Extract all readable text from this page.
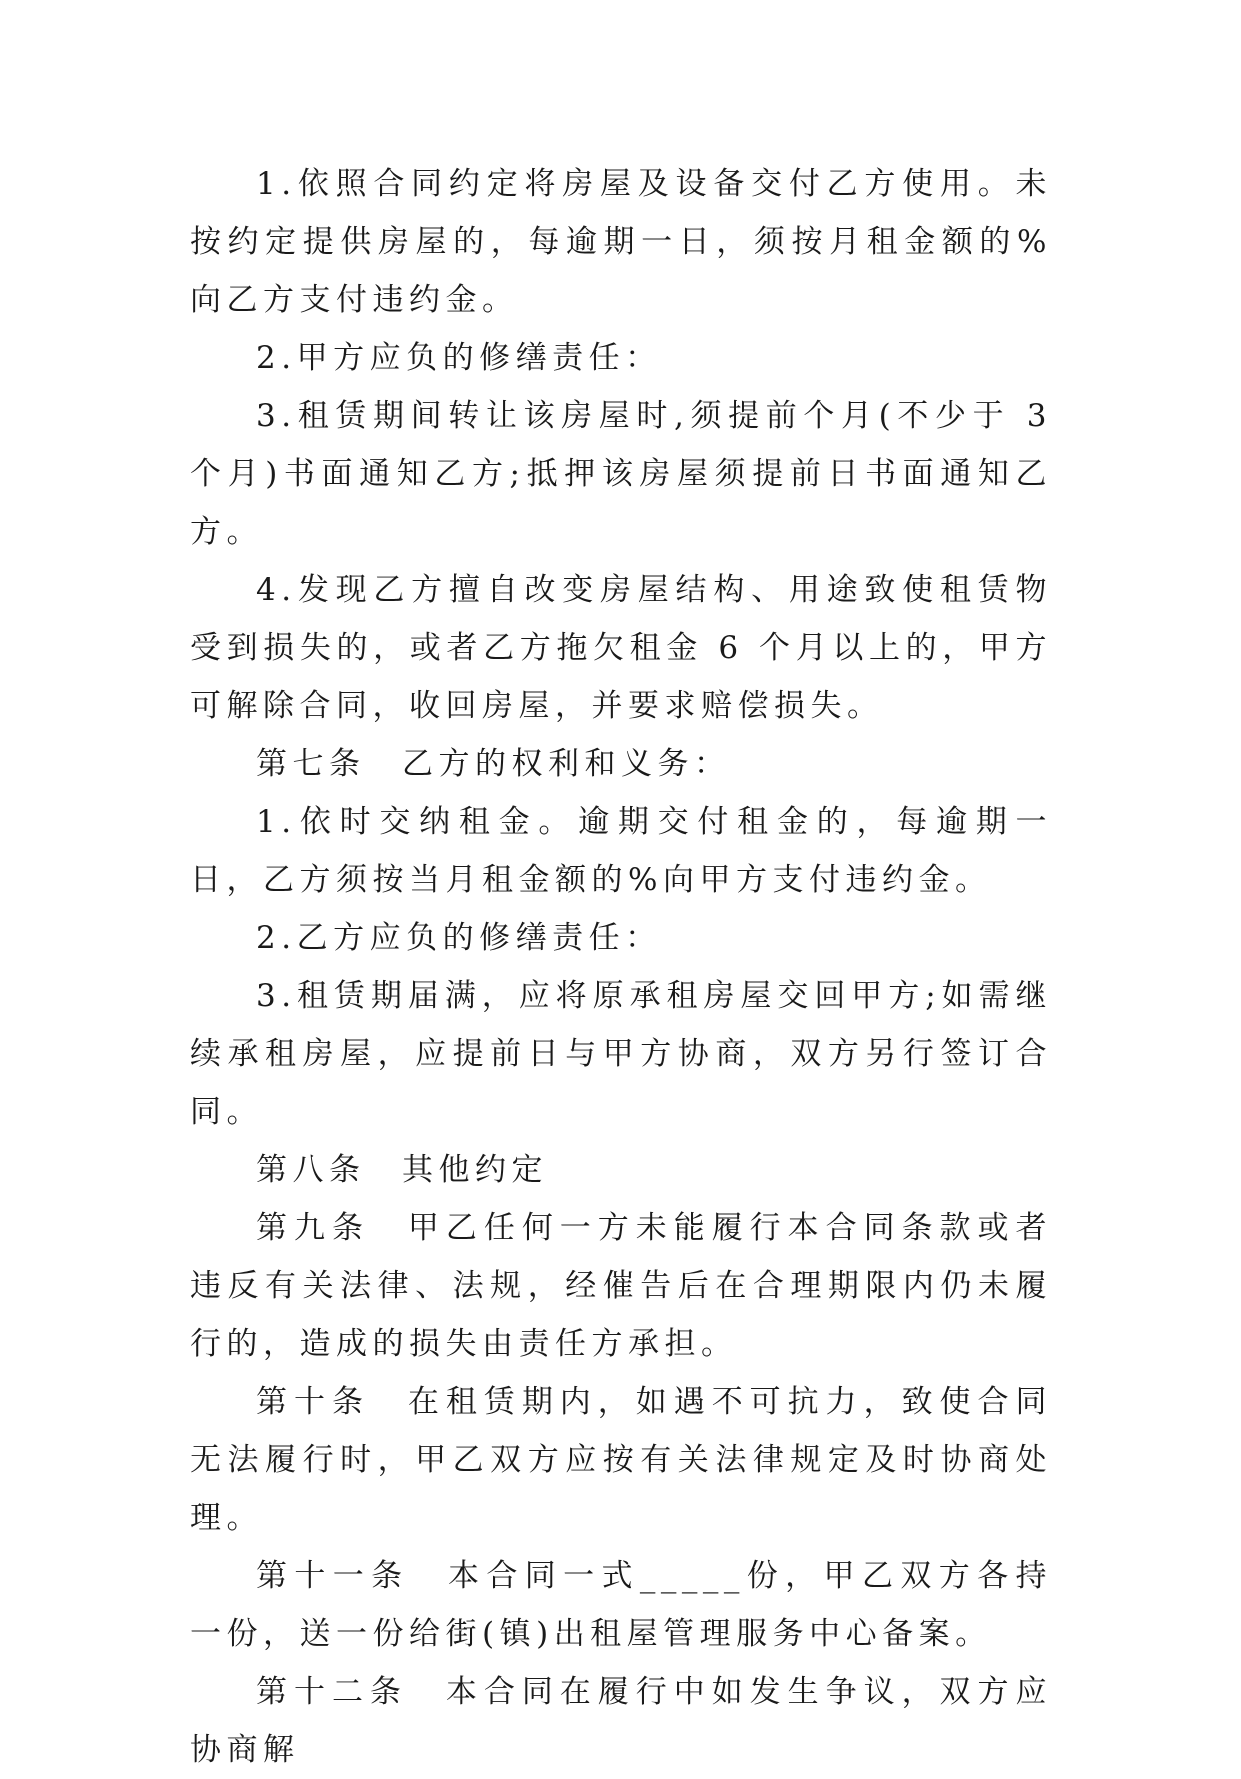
1.依照合同约定将房屋及设备交付乙方使用。未按约定提供房屋的，每逾期一日，须按月租金额的%向乙方支付违约金。

2.甲方应负的修缮责任：

3.租赁期间转让该房屋时,须提前个月(不少于 3 个月)书面通知乙方;抵押该房屋须提前日书面通知乙方。

4.发现乙方擅自改变房屋结构、用途致使租赁物受到损失的，或者乙方拖欠租金 6 个月以上的，甲方可解除合同，收回房屋，并要求赔偿损失。

第七条　乙方的权利和义务：

1.依时交纳租金。逾期交付租金的，每逾期一日，乙方须按当月租金额的%向甲方支付违约金。

2.乙方应负的修缮责任：

3.租赁期届满，应将原承租房屋交回甲方;如需继续承租房屋，应提前日与甲方协商，双方另行签订合同。

第八条　其他约定

第九条　甲乙任何一方未能履行本合同条款或者违反有关法律、法规，经催告后在合理期限内仍未履行的，造成的损失由责任方承担。

第十条　在租赁期内，如遇不可抗力，致使合同无法履行时，甲乙双方应按有关法律规定及时协商处理。

第十一条　本合同一式_____份，甲乙双方各持一份，送一份给街(镇)出租屋管理服务中心备案。

第十二条　本合同在履行中如发生争议，双方应协商解
